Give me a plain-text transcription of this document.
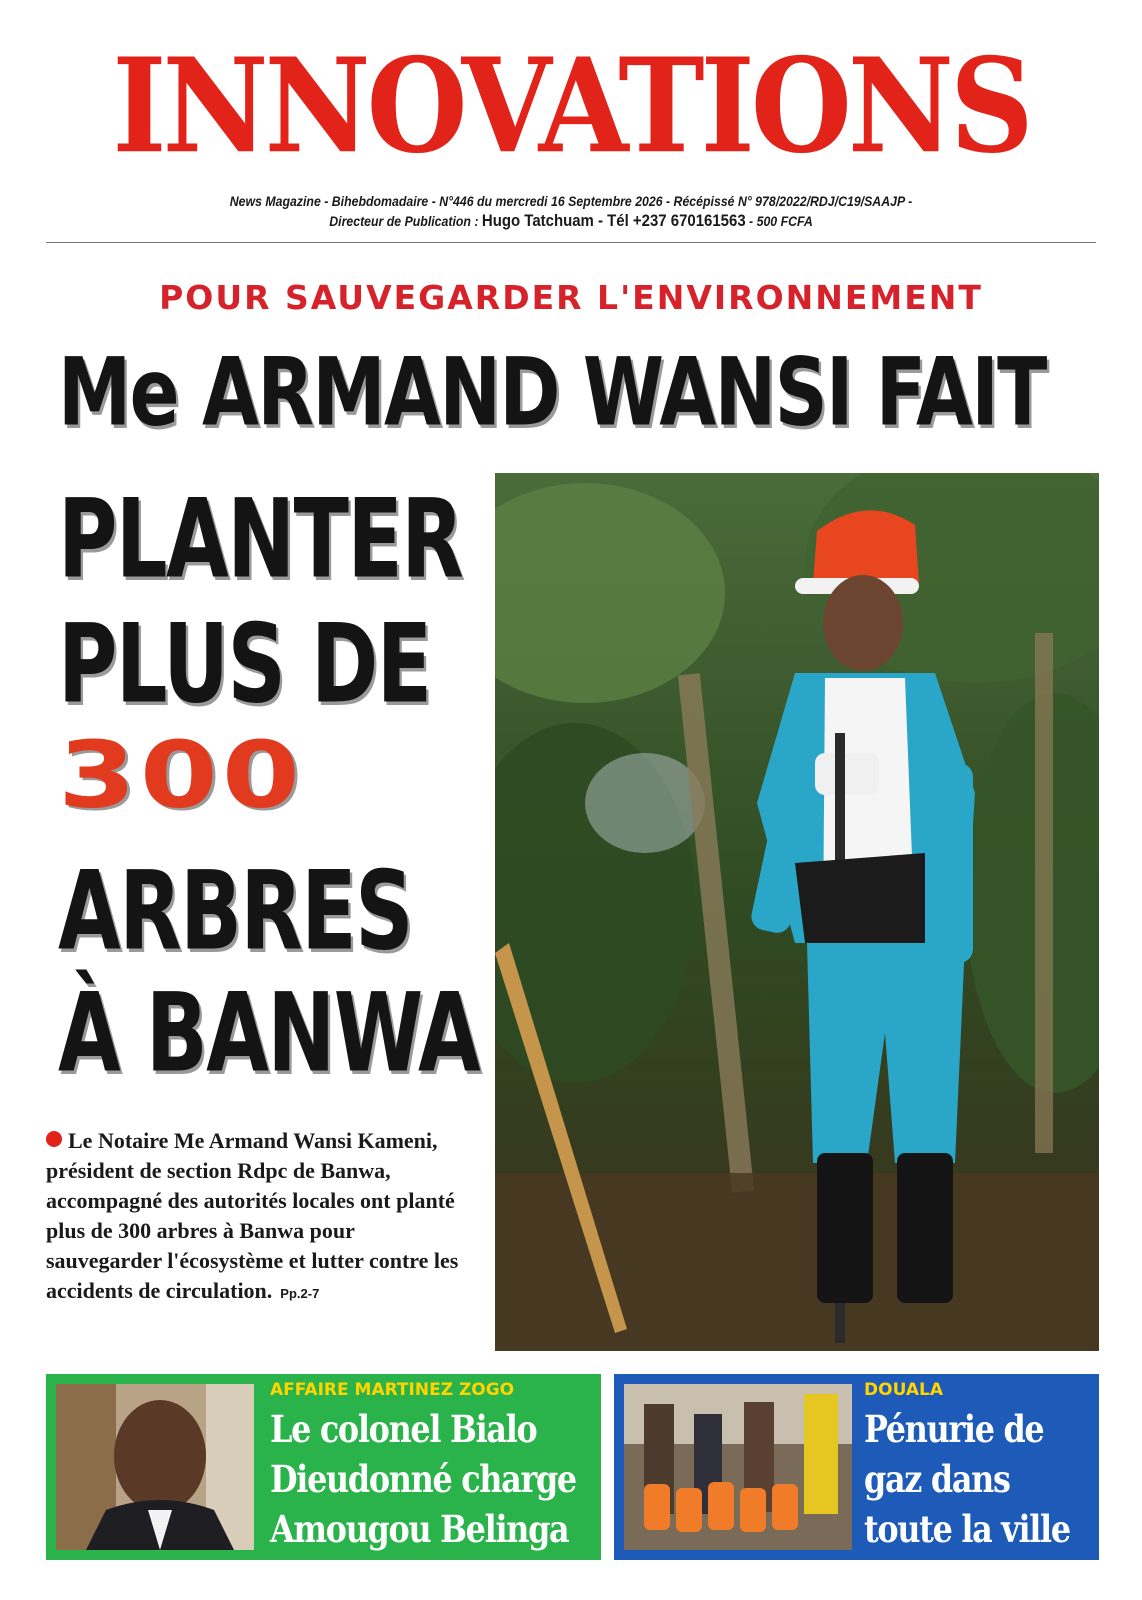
INNOVATIONS
News Magazine - Bihebdomadaire - N°446 du mercredi 16 Septembre 2026 - Récépissé N° 978/2022/RDJ/C19/SAAJP -
Directeur de Publication : Hugo Tatchuam - Tél +237 670161563 - 500 FCFA
POUR SAUVEGARDER L'ENVIRONNEMENT
Me ARMAND WANSI FAIT
PLANTER
PLUS DE
300
ARBRES
À BANWA
Le Notaire Me Armand Wansi Kameni, président de section Rdpc de Banwa, accompagné des autorités locales ont planté plus de 300 arbres à Banwa pour sauvegarder l'écosystème et lutter contre les accidents de circulation. Pp.2-7
AFFAIRE MARTINEZ ZOGO
Le colonel Bialo
Dieudonné charge
Amougou Belinga
DOUALA
Pénurie de
gaz dans
toute la ville
